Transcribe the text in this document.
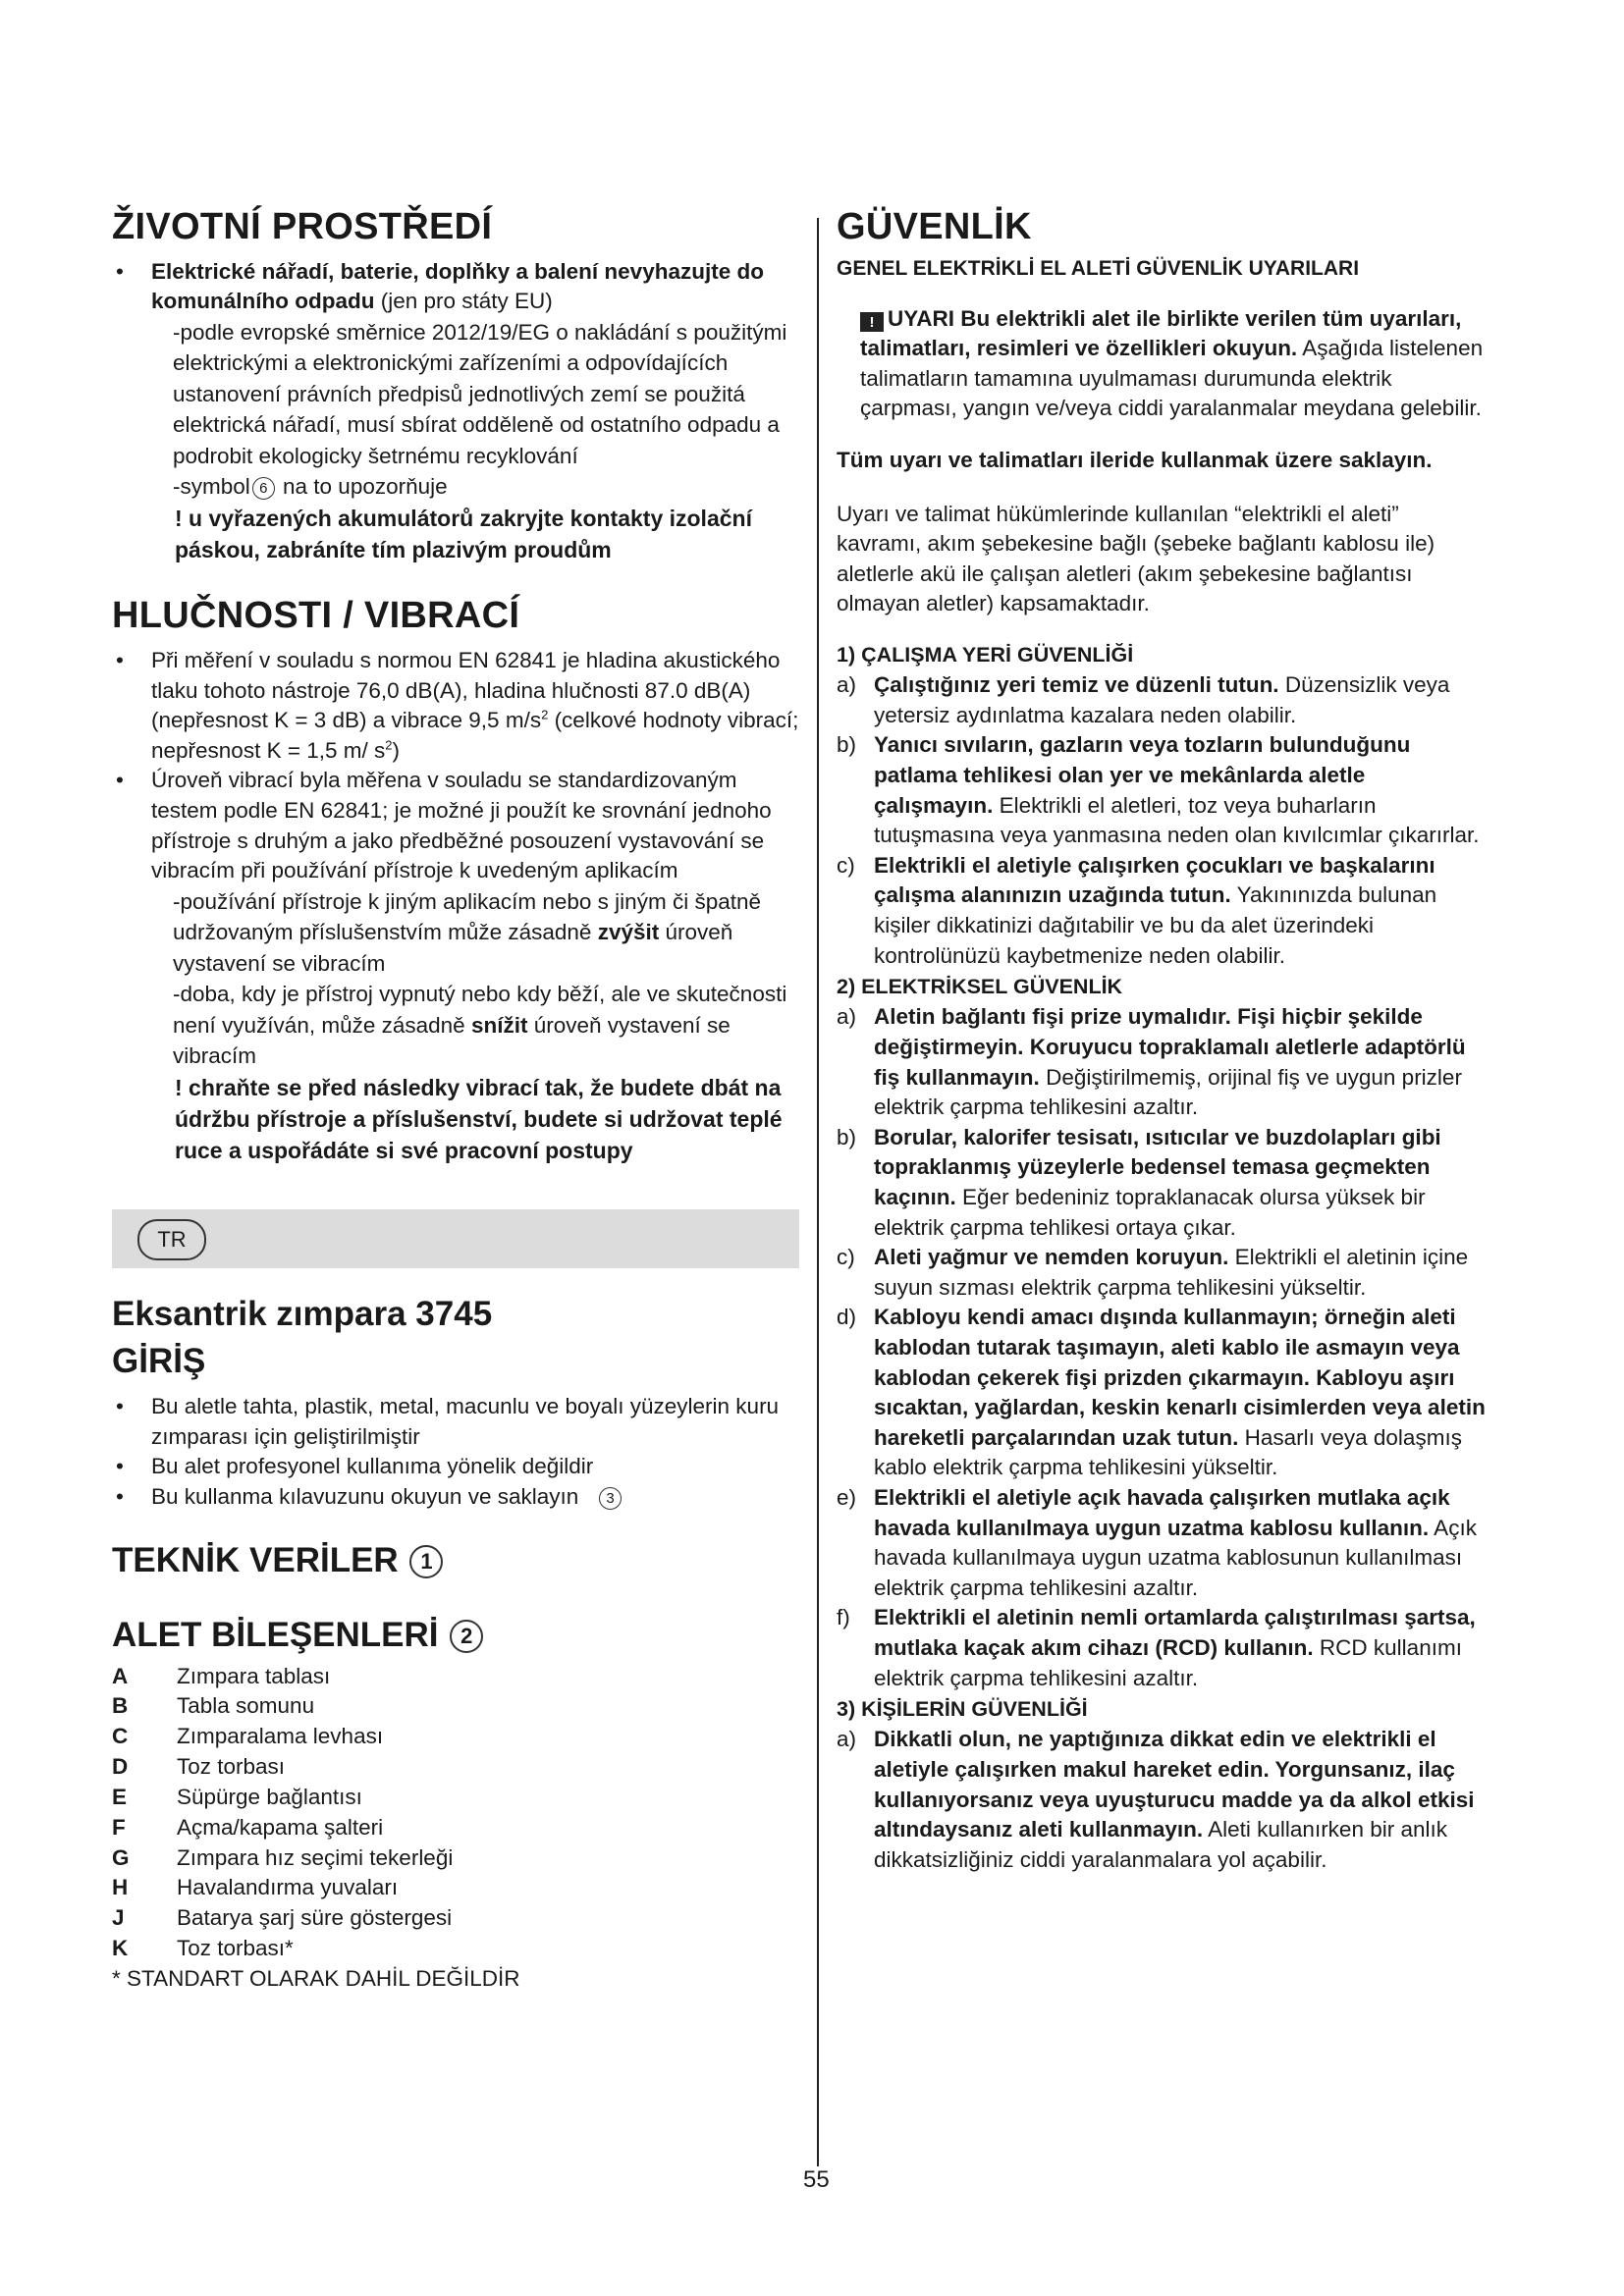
ŽIVOTNÍ PROSTŘEDÍ
• Elektrické nářadí, baterie, doplňky a balení nevyhazujte do komunálního odpadu (jen pro státy EU)

-podle evropské směrnice 2012/19/EG o nakládání s použitými elektrickými a elektronickými zařízeními a odpovídajících ustanovení právních předpisů jednotlivých zemí se použitá elektrická nářadí, musí sbírat odděleně od ostatního odpadu a podrobit ekologicky šetrnému recyklování

-symbol 6 na to upozorňuje

! u vyřazených akumulátorů zakryjte kontakty izolační páskou, zabráníte tím plazivým proudům

HLUČNOSTI / VIBRACÍ
• Při měření v souladu s normou EN 62841 je hladina akustického tlaku tohoto nástroje 76,0 dB(A), hladina hlučnosti 87.0 dB(A) (nepřesnost K = 3 dB) a vibrace 9,5 $m/s^2$ (celkové hodnoty vibrací; nepřesnost K = 1,5 m/ $s^2$)
• Úroveň vibrací byla měřena v souladu se standardizovaným testem podle EN 62841; je možné ji použít ke srovnání jednoho přístroje s druhým a jako předběžné posouzení vystavování se vibracím při používání přístroje k uvedeným aplikacím

-používání přístroje k jiným aplikacím nebo s jiným či špatně udržovaným příslušenstvím může zásadně zvýšit úroveň vystavení se vibracím

-doba, kdy je přístroj vypnutý nebo kdy běží, ale ve skutečnosti není využíván, může zásadně snížit úroveň vystavení se vibracím

! chraňte se před následky vibrací tak, že budete dbát na údržbu přístroje a příslušenství, budete si udržovat teplé ruce a uspořádáte si své pracovní postupy

TR
Eksantrik zımpara 3745
GİRİŞ
• Bu aletle tahta, plastik, metal, macunlu ve boyalı yüzeylerin kuru zımparası için geliştirilmiştir
• Bu alet profesyonel kullanıma yönelik değildir
• Bu kullanma kılavuzunu okuyun ve saklayın 3
TEKNİK VERİLER 1
ALET BİLEŞENLERİ 2
A	Zımpara tablası
B	Tabla somunu
C	Zımparalama levhası
D	Toz torbası
E	Süpürge bağlantısı
F	Açma/kapama şalteri
G	Zımpara hız seçimi tekerleği
H	Havalandırma yuvaları
J	Batarya şarj süre göstergesi
K	Toz torbası*

* STANDART OLARAK DAHİL DEĞİLDİR

GÜVENLİK

GENEL ELEKTRİKLİ EL ALETİ GÜVENLİK UYARILARI

! UYARI Bu elektrikli alet ile birlikte verilen tüm uyarıları, talimatları, resimleri ve özellikleri okuyun. Aşağıda listelenen talimatların tamamına uyulmaması durumunda elektrik çarpması, yangın ve/veya ciddi yaralanmalar meydana gelebilir.

Tüm uyarı ve talimatları ileride kullanmak üzere saklayın.

Uyarı ve talimat hükümlerinde kullanılan “elektrikli el aleti” kavramı, akım şebekesine bağlı (şebeke bağlantı kablosu ile) aletlerle akü ile çalışan aletleri (akım şebekesine bağlantısı olmayan aletler) kapsamaktadır.

1) ÇALIŞMA YERİ GÜVENLİĞİ

a) Çalıştığınız yeri temiz ve düzenli tutun. Düzensizlik veya yetersiz aydınlatma kazalara neden olabilir.
b) Yanıcı sıvıların, gazların veya tozların bulunduğunu patlama tehlikesi olan yer ve mekânlarda aletle çalışmayın. Elektrikli el aletleri, toz veya buharların tutuşmasına veya yanmasına neden olan kıvılcımlar çıkarırlar.
c) Elektrikli el aletiyle çalışırken çocukları ve başkalarını çalışma alanınızın uzağında tutun. Yakınınızda bulunan kişiler dikkatinizi dağıtabilir ve bu da alet üzerindeki kontrolünüzü kaybetmenize neden olabilir.

2) ELEKTRİKSEL GÜVENLİK

a) Aletin bağlantı fişi prize uymalıdır. Fişi hiçbir şekilde değiştirmeyin. Koruyucu topraklamalı aletlerle adaptörlü fiş kullanmayın. Değiştirilmemiş, orijinal fiş ve uygun prizler elektrik çarpma tehlikesini azaltır.
b) Borular, kalorifer tesisatı, ısıtıcılar ve buzdolapları gibi topraklanmış yüzeylerle bedensel temasa geçmekten kaçının. Eğer bedeniniz topraklanacak olursa yüksek bir elektrik çarpma tehlikesi ortaya çıkar.
c) Aleti yağmur ve nemden koruyun. Elektrikli el aletinin içine suyun sızması elektrik çarpma tehlikesini yükseltir.
d) Kabloyu kendi amacı dışında kullanmayın; örneğin aleti kablodan tutarak taşımayın, aleti kablo ile asmayın veya kablodan çekerek fişi prizden çıkarmayın. Kabloyu aşırı sıcaktan, yağlardan, keskin kenarlı cisimlerden veya aletin hareketli parçalarından uzak tutun. Hasarlı veya dolaşmış kablo elektrik çarpma tehlikesini yükseltir.
e) Elektrikli el aletiyle açık havada çalışırken mutlaka açık havada kullanılmaya uygun uzatma kablosu kullanın. Açık havada kullanılmaya uygun uzatma kablosunun kullanılması elektrik çarpma tehlikesini azaltır.
f) Elektrikli el aletinin nemli ortamlarda çalıştırılması şartsa, mutlaka kaçak akım cihazı (RCD) kullanın. RCD kullanımı elektrik çarpma tehlikesini azaltır.

3) KİŞİLERİN GÜVENLİĞİ

a) Dikkatli olun, ne yaptığınıza dikkat edin ve elektrikli el aletiyle çalışırken makul hareket edin. Yorgunsanız, ilaç kullanıyorsanız veya uyuşturucu madde ya da alkol etkisi altındaysanız aleti kullanmayın. Aleti kullanırken bir anlık dikkatsizliğiniz ciddi yaralanmalara yol açabilir.
55
